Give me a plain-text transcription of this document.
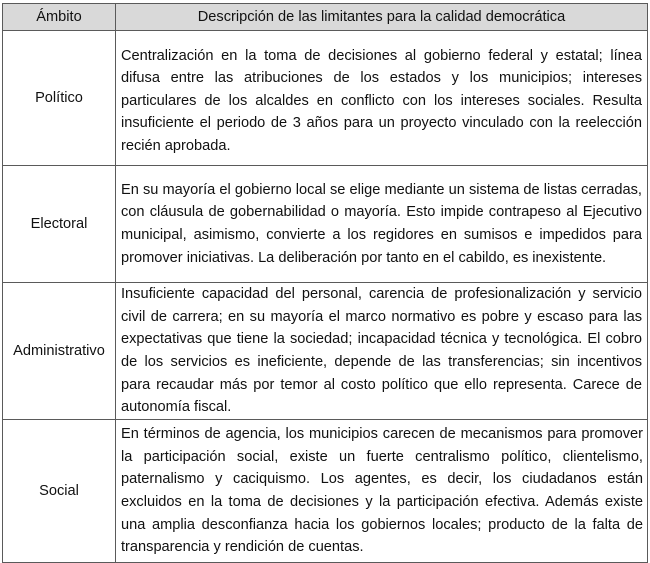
Ámbito	Descripción de las limitantes para la calidad democrática
Político	Centralización en la toma de decisiones al gobierno federal y estatal; línea difusa entre las atribuciones de los estados y los municipios; intereses particulares de los alcaldes en conflicto con los intereses sociales. Resulta insuficiente el periodo de 3 años para un proyecto vinculado con la reelección recién aprobada.
Electoral	En su mayoría el gobierno local se elige mediante un sistema de listas cerradas, con cláusula de gobernabilidad o mayoría. Esto impide contrapeso al Ejecutivo municipal, asimismo, convierte a los regidores en sumisos e impedidos para promover iniciativas. La deliberación por tanto en el cabildo, es inexistente.
Administrativo	Insuficiente capacidad del personal, carencia de profesionalización y servicio civil de carrera; en su mayoría el marco normativo es pobre y escaso para las expectativas que tiene la sociedad; incapacidad técnica y tecnológica. El cobro de los servicios es ineficiente, depende de las transferencias; sin incentivos para recaudar más por temor al costo político que ello representa. Carece de autonomía fiscal.
Social	En términos de agencia, los municipios carecen de mecanismos para promover la participación social, existe un fuerte centralismo político, clientelismo, paternalismo y caciquismo. Los agentes, es decir, los ciudadanos están excluidos en la toma de decisiones y la participación efectiva. Además existe una amplia desconfianza hacia los gobiernos locales; producto de la falta de transparencia y rendición de cuentas.
